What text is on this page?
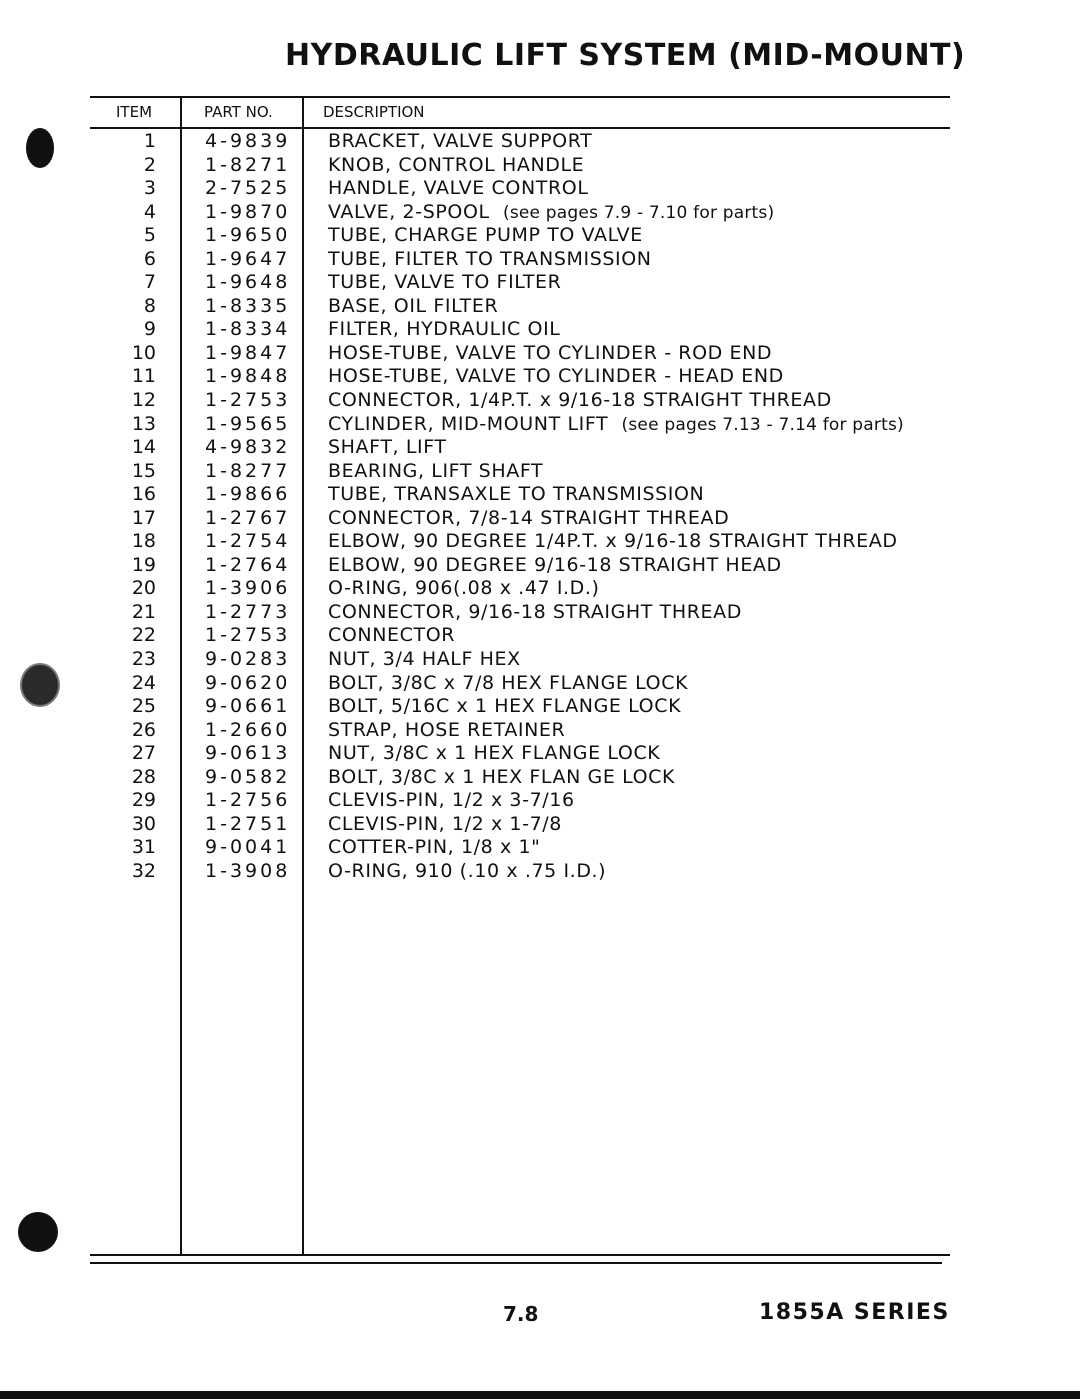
HYDRAULIC LIFT SYSTEM (MID-MOUNT)
ITEM	PART NO.	DESCRIPTION
1	4-9839 BRACKET, VALVE SUPPORT
2	1-8271 KNOB, CONTROL HANDLE
3	2-7525 HANDLE, VALVE CONTROL
4	1-9870 VALVE, 2-SPOOL (see pages 7.9 - 7.10 for parts)
5	1-9650 TUBE, CHARGE PUMP TO VALVE
6	1-9647 TUBE, FILTER TO TRANSMISSION
7	1-9648 TUBE, VALVE TO FILTER
8	1-8335 BASE, OIL FILTER
9	1-8334 FILTER, HYDRAULIC OIL
10	1-9847 HOSE-TUBE, VALVE TO CYLINDER - ROD END
11	1-9848 HOSE-TUBE, VALVE TO CYLINDER - HEAD END
12	1-2753 CONNECTOR, 1/4P.T. x 9/16-18 STRAIGHT THREAD
13	1-9565 CYLINDER, MID-MOUNT LIFT (see pages 7.13 - 7.14 for parts)
14	4-9832 SHAFT, LIFT
15	1-8277 BEARING, LIFT SHAFT
16	1-9866 TUBE, TRANSAXLE TO TRANSMISSION
17	1-2767 CONNECTOR, 7/8-14 STRAIGHT THREAD
18	1-2754 ELBOW, 90 DEGREE 1/4P.T. x 9/16-18 STRAIGHT THREAD
19	1-2764 ELBOW, 90 DEGREE 9/16-18 STRAIGHT HEAD
20	1-3906 O-RING, 906(.08 x .47 I.D.)
21	1-2773 CONNECTOR, 9/16-18 STRAIGHT THREAD
22	1-2753 CONNECTOR
23	9-0283 NUT, 3/4 HALF HEX
24	9-0620 BOLT, 3/8C x 7/8 HEX FLANGE LOCK
25	9-0661 BOLT, 5/16C x 1 HEX FLANGE LOCK
26	1-2660 STRAP, HOSE RETAINER
27	9-0613 NUT, 3/8C x 1 HEX FLANGE LOCK
28	9-0582 BOLT, 3/8C x 1 HEX FLAN GE LOCK
29	1-2756 CLEVIS-PIN, 1/2 x 3-7/16
30	1-2751 CLEVIS-PIN, 1/2 x 1-7/8
31	9-0041 COTTER-PIN, 1/8 x 1"
32	1-3908 O-RING, 910 (.10 x .75 I.D.)
7.8	1855A SERIES
